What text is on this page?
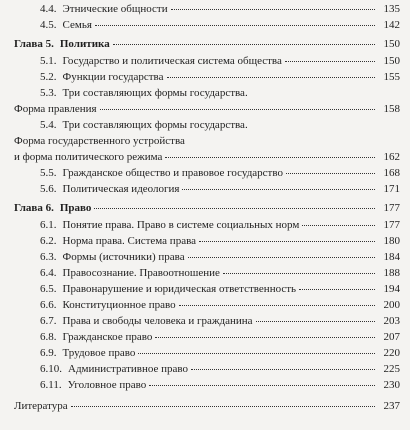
4.4. Этнические общности	135
4.5. Семья	142
Глава 5. Политика	150
5.1. Государство и политическая система общества	150
5.2. Функции государства	155
5.3. Три составляющих формы государства.
Форма правления	158
5.4. Три составляющих формы государства.
Форма государственного устройства
и форма политического режима	162
5.5. Гражданское общество и правовое государство	168
5.6. Политическая идеология	171
Глава 6. Право	177
6.1. Понятие права. Право в системе социальных норм	177
6.2. Норма права. Система права	180
6.3. Формы (источники) права	184
6.4. Правосознание. Правоотношение	188
6.5. Правонарушение и юридическая ответственность	194
6.6. Конституционное право	200
6.7. Права и свободы человека и гражданина	203
6.8. Гражданское право	207
6.9. Трудовое право	220
6.10. Административное право	225
6.11. Уголовное право	230
Литература	237
